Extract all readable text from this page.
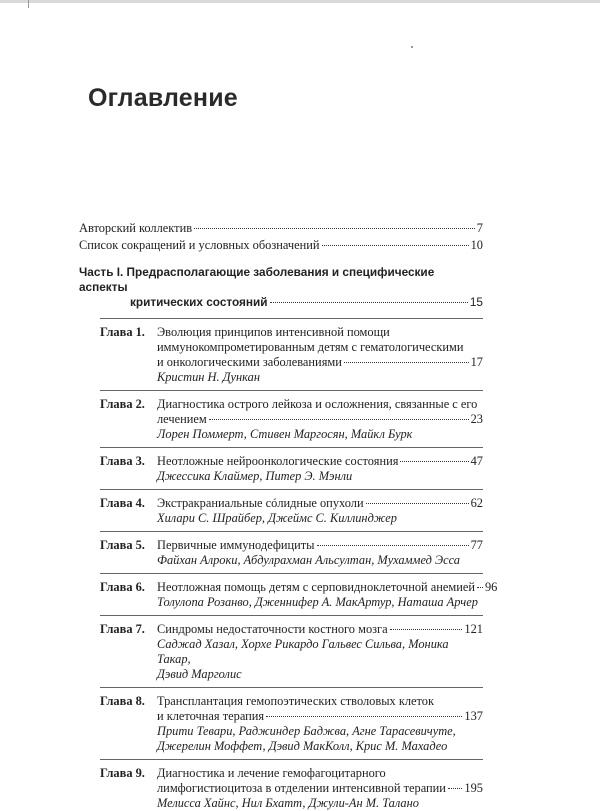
Оглавление
Авторский коллектив	7
Список сокращений и условных обозначений	10
Часть I. Предрасполагающие заболевания и специфические аспекты
критических состояний	15
Глава 1. Эволюция принципов интенсивной помощи
иммунокомпрометированным детям с гематологическими
и онкологическими заболеваниями	17
Кристин Н. Дункан
Глава 2. Диагностика острого лейкоза и осложнения, связанные с его
лечением	23
Лорен Поммерт, Стивен Маргосян, Майкл Бурк
Глава 3. Неотложные нейроонкологические состояния	47
Джессика Клаймер, Питер Э. Мэнли
Глава 4. Экстракраниальные сóлидные опухоли	62
Хилари С. Шрайбер, Джеймс С. Киллинджер
Глава 5. Первичные иммунодефициты	77
Файхан Алроки, Абдулрахман Альсултан, Мухаммед Эсса
Глава 6. Неотложная помощь детям с серповидноклеточной анемией 96
Толулопа Розанво, Дженнифер А. МакАртур, Наташа Арчер
Глава 7. Синдромы недостаточности костного мозга	121
Саджад Хазал, Хорхе Рикардо Гальвес Сильва, Моника Такар,
Дэвид Марголис
Глава 8. Трансплантация гемопоэтических стволовых клеток
и клеточная терапия	137
Прити Тевари, Раджиндер Баджва, Агне Тарасевичуте,
Джерелин Моффет, Дэвид МакКолл, Крис М. Махадео
Глава 9. Диагностика и лечение гемофагоцитарного
лимфогистиоцитоза в отделении интенсивной терапии 195
Мелисса Хайнс, Нил Бхатт, Джули-Ан М. Талано
